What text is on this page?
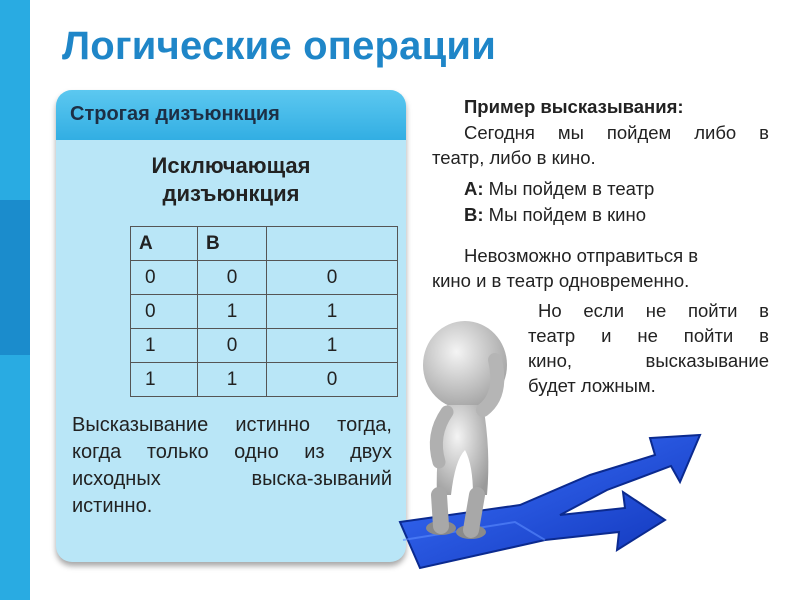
Логические операции
Строгая дизъюнкция
Исключающая
дизъюнкция
A	B	
0	0	0
0	1	1
1	0	1
1	1	0
Высказывание истинно тогда, когда только одно из двух исходных выска-зываний истинно.
Пример высказывания:
Сегодня мы пойдем либо в
театр, либо в кино.
А: Мы пойдем в театр
В: Мы пойдем в кино
Невозможно отправиться в
кино и в театр одновременно.
Но если не пойти в
театр и не пойти в
кино, высказывание
будет ложным.
